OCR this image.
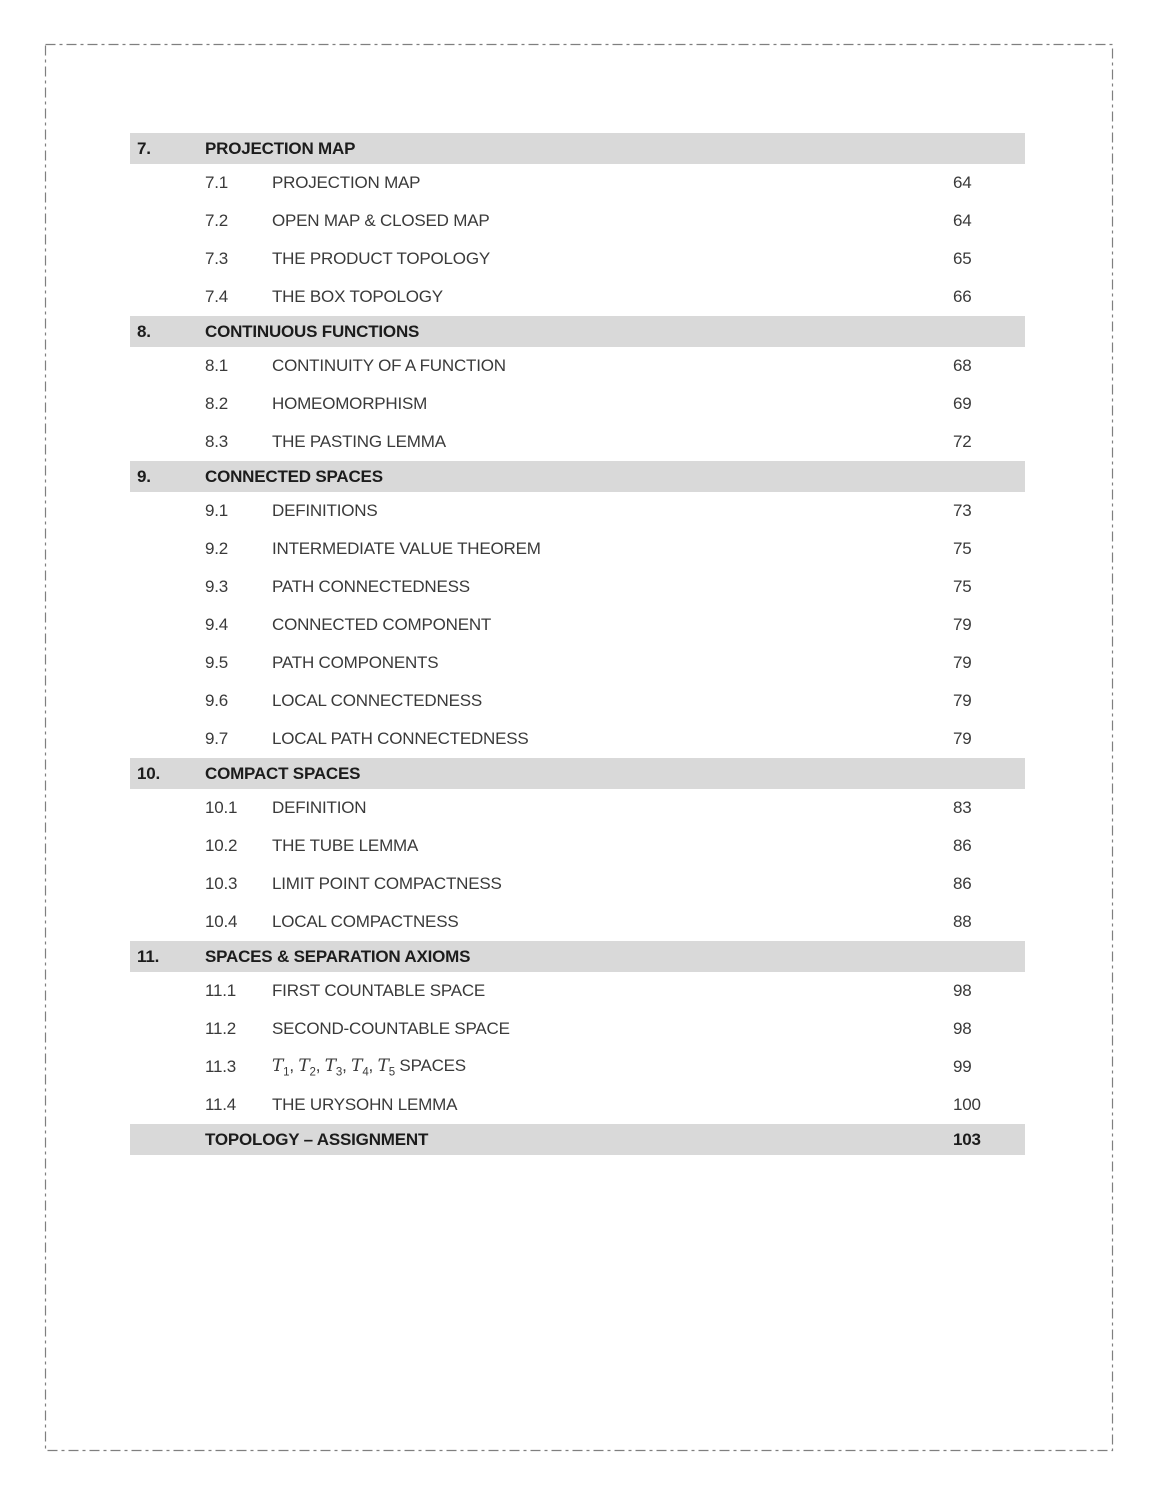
7.	PROJECTION MAP
7.1	PROJECTION MAP	64
7.2	OPEN MAP & CLOSED MAP	64
7.3	THE PRODUCT TOPOLOGY	65
7.4	THE BOX TOPOLOGY	66
8.	CONTINUOUS FUNCTIONS
8.1	CONTINUITY OF A FUNCTION	68
8.2	HOMEOMORPHISM	69
8.3	THE PASTING LEMMA	72
9.	CONNECTED SPACES
9.1	DEFINITIONS	73
9.2	INTERMEDIATE VALUE THEOREM	75
9.3	PATH CONNECTEDNESS	75
9.4	CONNECTED COMPONENT	79
9.5	PATH COMPONENTS	79
9.6	LOCAL CONNECTEDNESS	79
9.7	LOCAL PATH CONNECTEDNESS	79
10.	COMPACT SPACES
10.1	DEFINITION	83
10.2	THE TUBE LEMMA	86
10.3	LIMIT POINT COMPACTNESS	86
10.4	LOCAL COMPACTNESS	88
11.	SPACES & SEPARATION AXIOMS
11.1	FIRST COUNTABLE SPACE	98
11.2	SECOND-COUNTABLE SPACE	98
11.3	$T_1$, $T_2$, $T_3$, $T_4$, $T_5$ SPACES	99
11.4	THE URYSOHN LEMMA	100
TOPOLOGY – ASSIGNMENT	103
